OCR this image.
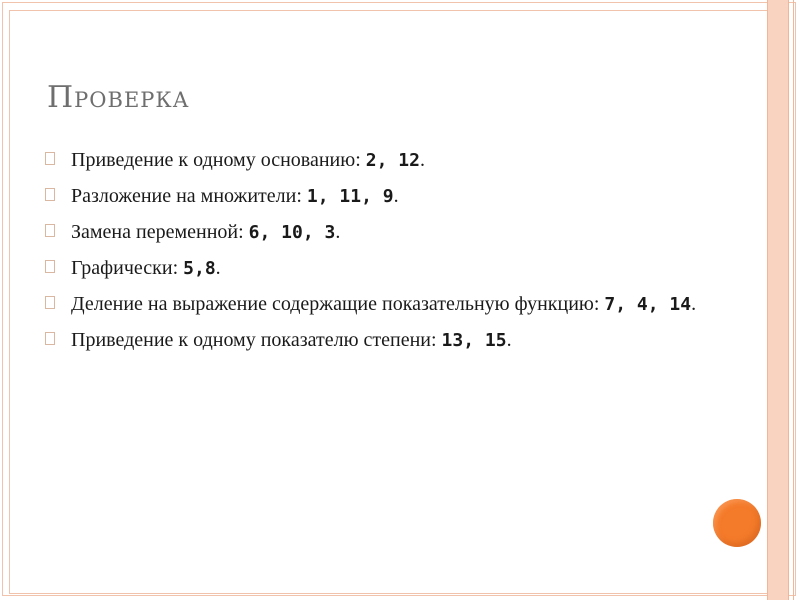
Проверка
Приведение к одному основанию: 2, 12.
Разложение на множители: 1, 11, 9.
Замена переменной: 6, 10, 3.
Графически: 5,8.
Деление на выражение содержащие показательную функцию: 7, 4, 14.
Приведение к одному показателю степени: 13, 15.
